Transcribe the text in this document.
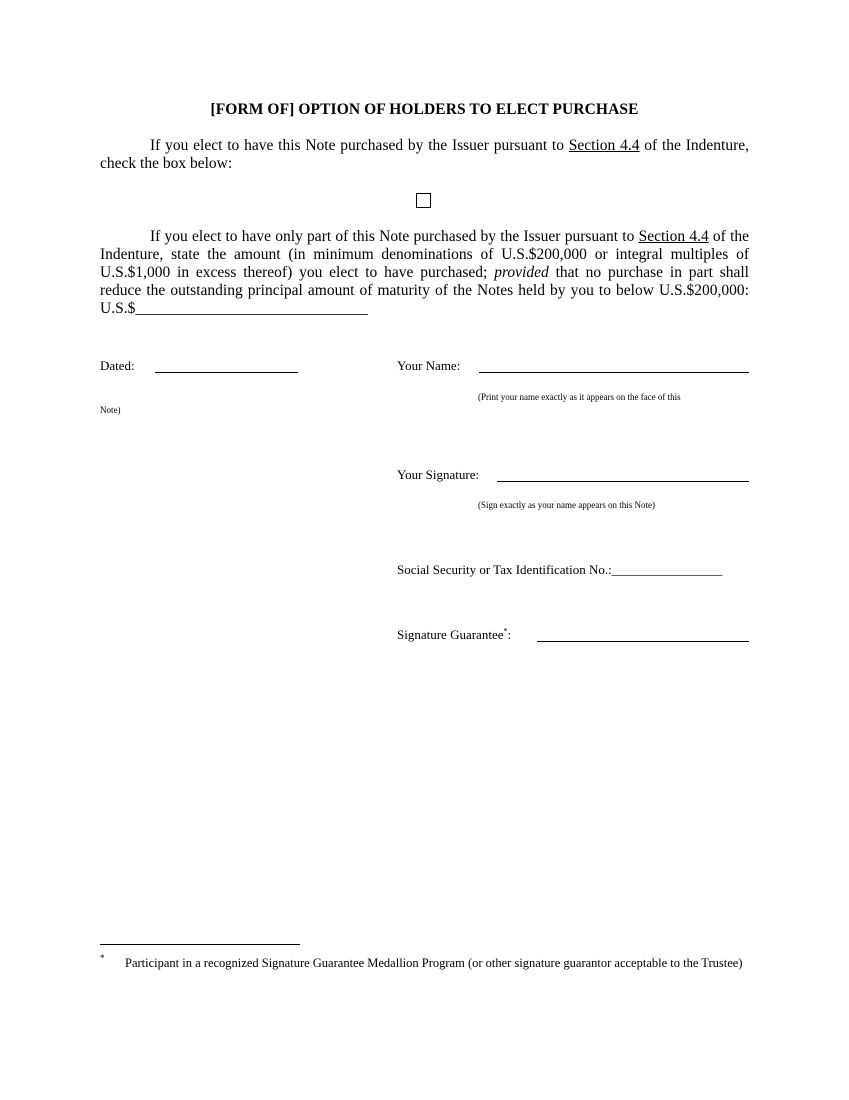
[FORM OF] OPTION OF HOLDERS TO ELECT PURCHASE
If you elect to have this Note purchased by the Issuer pursuant to Section 4.4 of the Indenture, check the box below:
If you elect to have only part of this Note purchased by the Issuer pursuant to Section 4.4 of the Indenture, state the amount (in minimum denominations of U.S.$200,000 or integral multiples of U.S.$1,000 in excess thereof) you elect to have purchased; provided that no purchase in part shall reduce the outstanding principal amount of maturity of the Notes held by you to below U.S.$200,000: U.S.$______________________________
Dated:	Your Name:
(Print your name exactly as it appears on the face of this
Note)
Your Signature:
(Sign exactly as your name appears on this Note)
Social Security or Tax Identification No.:_________________
Signature Guarantee*:
* Participant in a recognized Signature Guarantee Medallion Program (or other signature guarantor acceptable to the Trustee)
